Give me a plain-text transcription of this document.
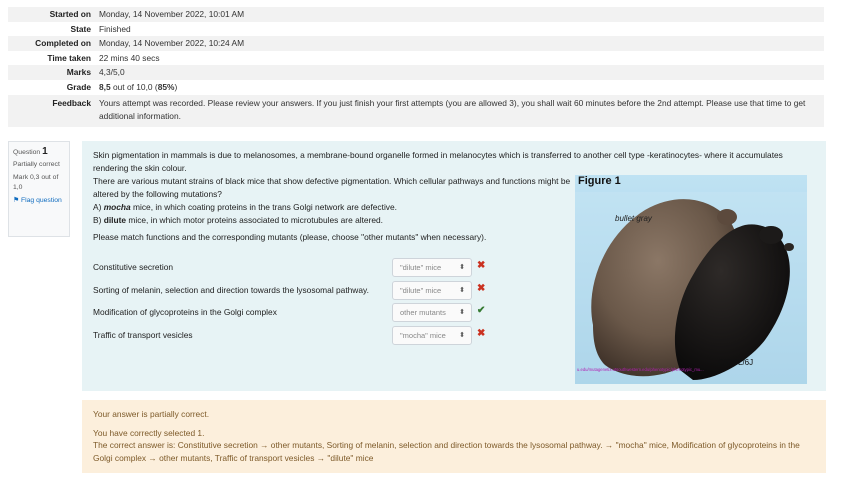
Started on	Monday, 14 November 2022, 10:01 AM
State	Finished
Completed on	Monday, 14 November 2022, 10:24 AM
Time taken	22 mins 40 secs
Marks	4,3/5,0
Grade	8,5 out of 10,0 (85%)
Feedback	Yours attempt was recorded. Please review your answers. If you just finish your first attempts (you are allowed 3), you shall wait 60 minutes before the 2nd attempt. Please use that time to get additional information.
Question 1
Partially correct
Mark 0,3 out of 1,0
⚑ Flag question

Skin pigmentation in mammals is due to melanosomes, a membrane-bound organelle formed in melanocytes which is transferred to another cell type -keratinocytes- where it accumulates rendering the skin colour.

There are various mutant strains of black mice that show defective pigmentation. Which cellular pathways and functions might be altered by the following mutations?

A) mocha mice, in which coating proteins in the trans Golgi network are defective.

B) dilute mice, in which motor proteins associated to microtubules are altered.

Please match functions and the corresponding mutants (please, choose "other mutants" when necessary).

bullet gray
C57BL/6J
u.edu/mutagenetix.utsouthwestern.edu/phenotypic/phenotypic_mu...
Figure 1
Constitutive secretion	"dilute" mice	⬍ ✖
Sorting of melanin, selection and direction towards the lysosomal pathway.	"dilute" mice	⬍ ✖
Modification of glycoproteins in the Golgi complex	other mutants ⬍ ✔
Traffic of transport vesicles	"mocha" mice ⬍ ✖

Your answer is partially correct.

You have correctly selected 1.

The correct answer is: Constitutive secretion → other mutants, Sorting of melanin, selection and direction towards the lysosomal pathway. → "mocha" mice, Modification of glycoproteins in the Golgi complex → other mutants, Traffic of transport vesicles → "dilute" mice
